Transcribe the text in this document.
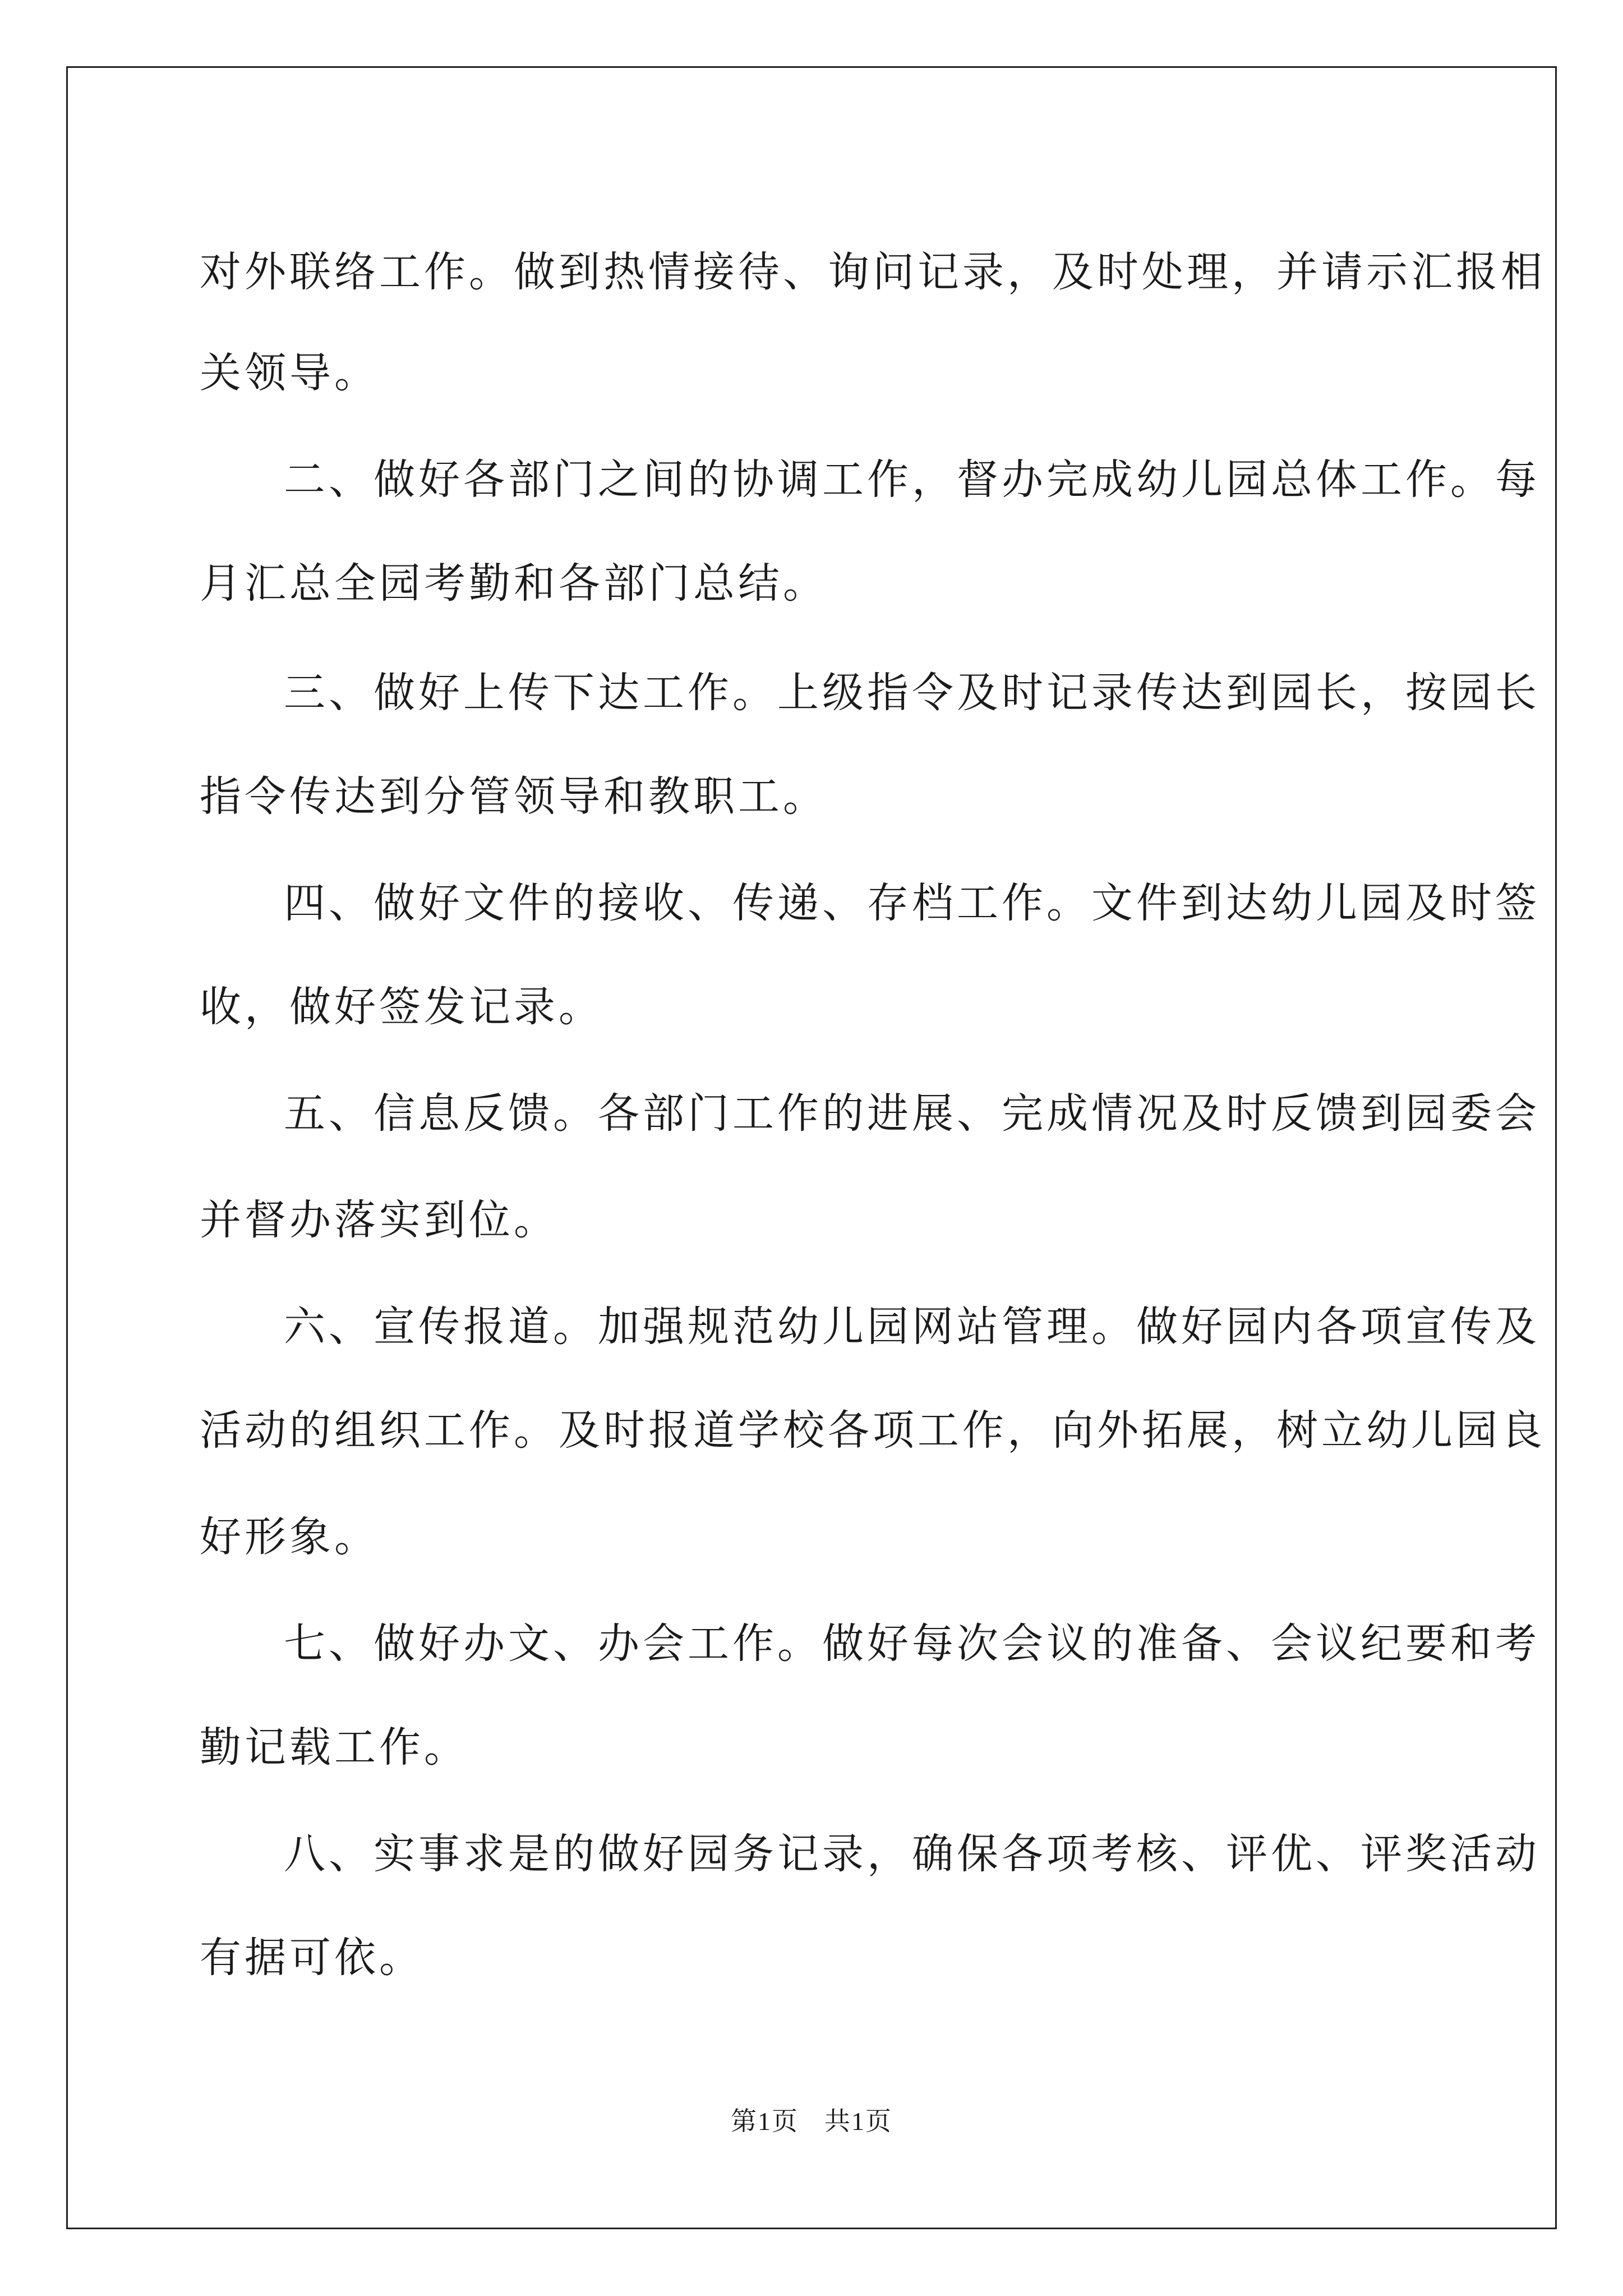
对外联络工作。做到热情接待、询问记录，及时处理，并请示汇报相
关领导。
二、做好各部门之间的协调工作，督办完成幼儿园总体工作。每
月汇总全园考勤和各部门总结。
三、做好上传下达工作。上级指令及时记录传达到园长，按园长
指令传达到分管领导和教职工。
四、做好文件的接收、传递、存档工作。文件到达幼儿园及时签
收，做好签发记录。
五、信息反馈。各部门工作的进展、完成情况及时反馈到园委会
并督办落实到位。
六、宣传报道。加强规范幼儿园网站管理。做好园内各项宣传及
活动的组织工作。及时报道学校各项工作，向外拓展，树立幼儿园良
好形象。
七、做好办文、办会工作。做好每次会议的准备、会议纪要和考
勤记载工作。
八、实事求是的做好园务记录，确保各项考核、评优、评奖活动
有据可依。
第1页 共1页
